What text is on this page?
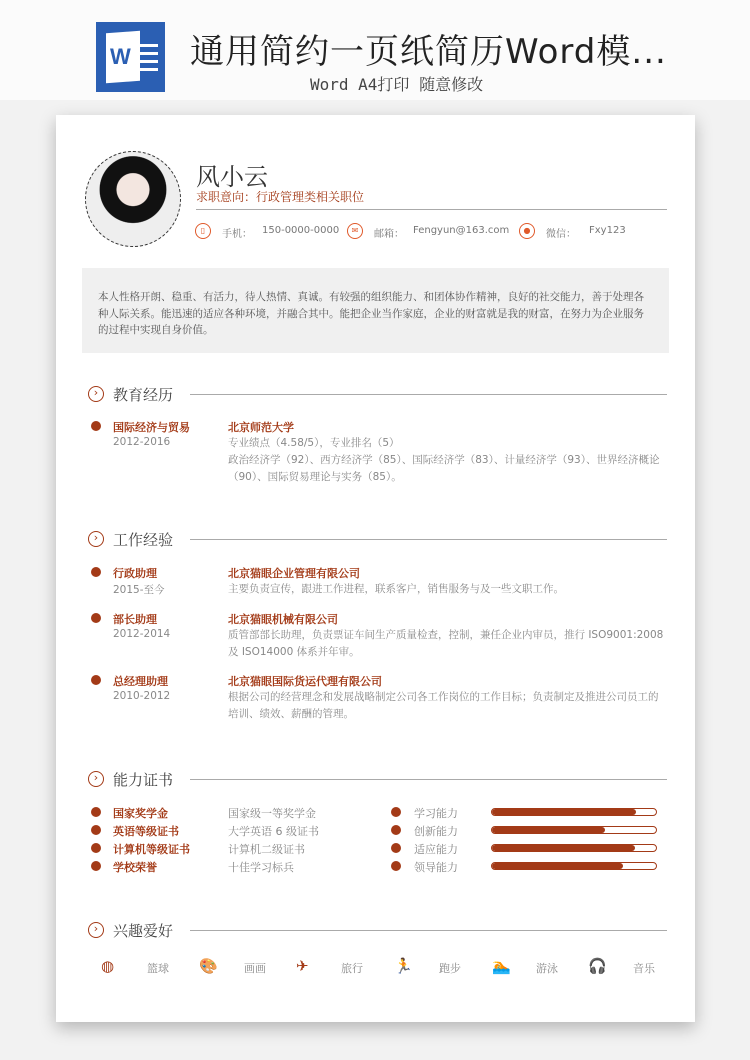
W 通用简约一页纸简历Word模...
Word A4打印 随意修改
风小云
求职意向：行政管理类相关职位
▯	手机： 150-0000-0000	✉	邮箱： Fengyun@163.com	●	微信： Fxy123
本人性格开朗、稳重、有活力，待人热情、真诚。有较强的组织能力、和团体协作精神，良好的社交能力，善于处理各种人际关系。能迅速的适应各种环境，并融合其中。能把企业当作家庭，企业的财富就是我的财富，在努力为企业服务的过程中实现自身价值。
› 教育经历
国际经济与贸易
2012-2016
北京师范大学
专业绩点（4.58/5），专业排名（5）
政治经济学（92）、西方经济学（85）、国际经济学（83）、计量经济学（93）、世界经济概论（90）、国际贸易理论与实务（85）。
› 工作经验
行政助理
2015-至今
北京猫眼企业管理有限公司
主要负责宣传，跟进工作进程，联系客户，销售服务与及一些文职工作。
部长助理
2012-2014
北京猫眼机械有限公司
质管部部长助理，负责票证车间生产质量检查，控制，兼任企业内审员，推行 ISO9001:2008 及 ISO14000 体系并年审。
总经理助理
2010-2012
北京猫眼国际货运代理有限公司
根据公司的经营理念和发展战略制定公司各工作岗位的工作目标；负责制定及推进公司员工的培训、绩效、薪酬的管理。
› 能力证书
国家奖学金	国家级一等奖学金
英语等级证书	大学英语 6 级证书
计算机等级证书	计算机二级证书
学校荣誉	十佳学习标兵
学习能力
创新能力
适应能力
领导能力
› 兴趣爱好
◍	篮球 🎨 画画 ✈	旅行 🏃 跑步 🏊 游泳 🎧 音乐
